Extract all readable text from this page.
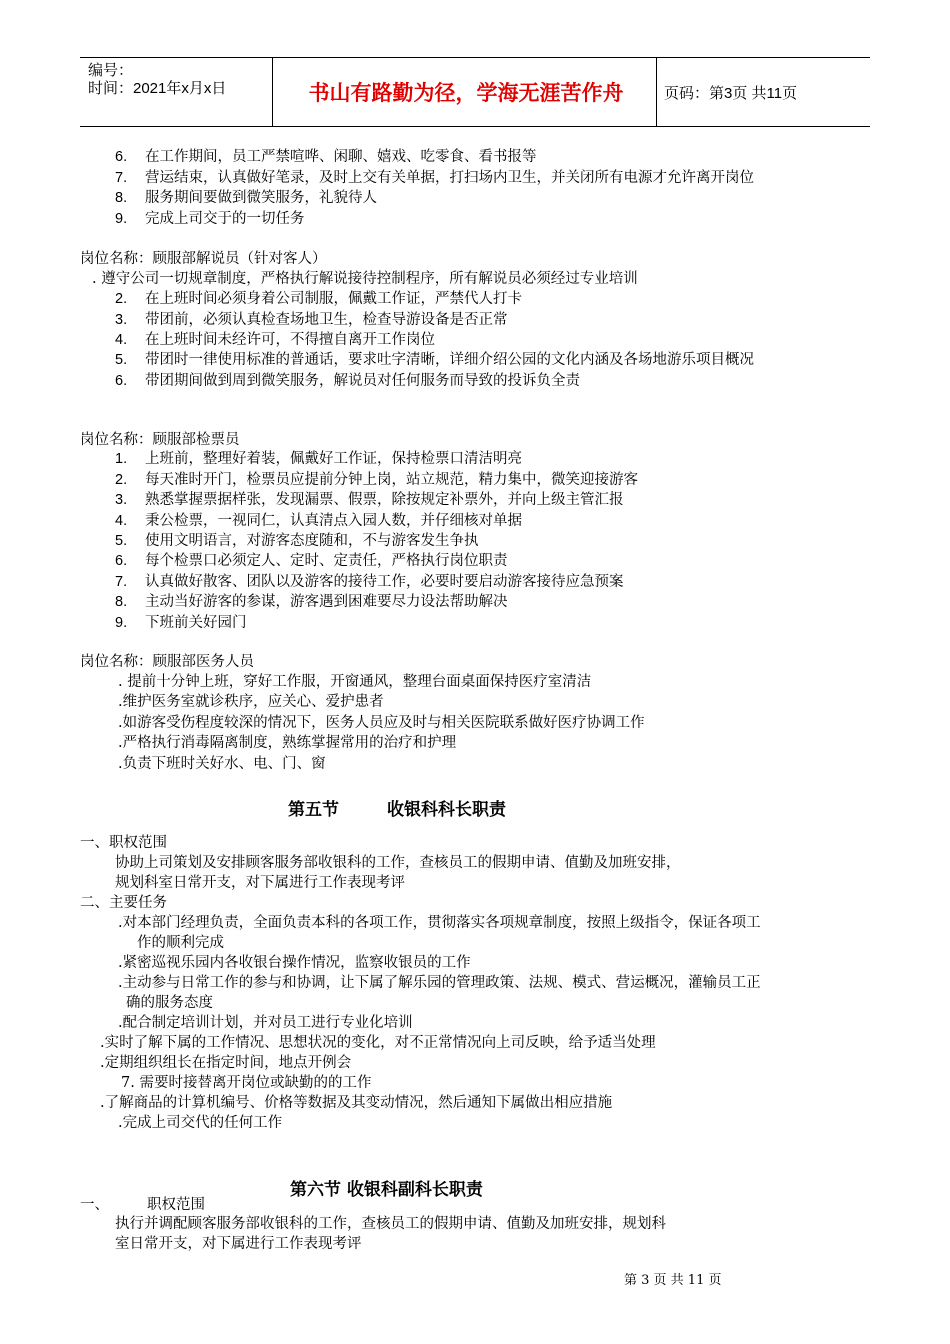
编号：
时间：2021年x月x日	书山有路勤为径，学海无涯苦作舟	页码：第3页 共11页
6. 在工作期间，员工严禁喧哗、闲聊、嬉戏、吃零食、看书报等
7. 营运结束，认真做好笔录，及时上交有关单据，打扫场内卫生，并关闭所有电源才允许离开岗位
8. 服务期间要做到微笑服务，礼貌待人
9. 完成上司交于的一切任务
岗位名称：顾服部解说员（针对客人）
. 遵守公司一切规章制度，严格执行解说接待控制程序，所有解说员必须经过专业培训
2. 在上班时间必须身着公司制服，佩戴工作证，严禁代人打卡
3. 带团前，必须认真检查场地卫生，检查导游设备是否正常
4. 在上班时间未经许可，不得擅自离开工作岗位
5. 带团时一律使用标准的普通话，要求吐字清晰，详细介绍公园的文化内涵及各场地游乐项目概况
6. 带团期间做到周到微笑服务，解说员对任何服务而导致的投诉负全责
岗位名称：顾服部检票员
1. 上班前，整理好着装，佩戴好工作证，保持检票口清洁明亮
2. 每天准时开门，检票员应提前分钟上岗，站立规范，精力集中，微笑迎接游客
3. 熟悉掌握票据样张，发现漏票、假票，除按规定补票外，并向上级主管汇报
4. 秉公检票，一视同仁，认真清点入园人数，并仔细核对单据
5. 使用文明语言，对游客态度随和，不与游客发生争执
6. 每个检票口必须定人、定时、定责任，严格执行岗位职责
7. 认真做好散客、团队以及游客的接待工作，必要时要启动游客接待应急预案
8. 主动当好游客的参谋，游客遇到困难要尽力设法帮助解决
9. 下班前关好园门
岗位名称：顾服部医务人员
. 提前十分钟上班，穿好工作服，开窗通风，整理台面桌面保持医疗室清洁
.维护医务室就诊秩序，应关心、爱护患者
.如游客受伤程度较深的情况下，医务人员应及时与相关医院联系做好医疗协调工作
.严格执行消毒隔离制度，熟练掌握常用的治疗和护理
.负责下班时关好水、电、门、窗
第五节	收银科科长职责
一、职权范围
协助上司策划及安排顾客服务部收银科的工作，查核员工的假期申请、值勤及加班安排，
规划科室日常开支，对下属进行工作表现考评
二、主要任务
.对本部门经理负责，全面负责本科的各项工作，贯彻落实各项规章制度，按照上级指令，保证各项工
作的顺利完成
.紧密巡视乐园内各收银台操作情况，监察收银员的工作
.主动参与日常工作的参与和协调，让下属了解乐园的管理政策、法规、模式、营运概况，灌输员工正
确的服务态度
.配合制定培训计划，并对员工进行专业化培训
.实时了解下属的工作情况、思想状况的变化，对不正常情况向上司反映，给予适当处理
.定期组织组长在指定时间，地点开例会
7. 需要时接替离开岗位或缺勤的的工作
.了解商品的计算机编号、价格等数据及其变动情况，然后通知下属做出相应措施
.完成上司交代的任何工作
第六节 收银科副科长职责
一、	职权范围
执行并调配顾客服务部收银科的工作，查核员工的假期申请、值勤及加班安排，规划科
室日常开支，对下属进行工作表现考评
第 3 页 共 11 页
